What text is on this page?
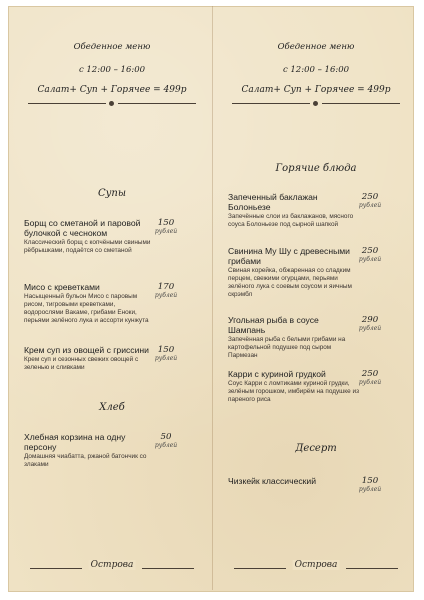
Обеденное меню
с 12:00 – 16:00
Салат+ Суп + Горячее = 499р
Супы
Борщ со сметаной и паровой булочкой с чесноком
Классический борщ с копчёными свиными рёбрышками, подаётся со сметаной
150
рублей
Мисо с креветками
Насыщенный бульон Мисо с паровым рисом, тигровыми креветками, водорослями Вакаме, грибами Еноки, перьями зелёного лука и ассорти кунжута
170
рублей
Крем суп из овощей с гриссини
Крем суп и сезонных свежих овощей с зеленью и сливками
150
рублей
Хлеб
Хлебная корзина на одну персону
Домашняя чиабатта, ржаной батончик со злаками
50
рублей
Острова
Обеденное меню
с 12:00 – 16:00
Салат+ Суп + Горячее = 499р
Горячие блюда
Запеченный баклажан Болоньезе
Запечённые слои из баклажанов, мясного соуса Болоньезе под сырной шапкой
250
рублей
Свинина Му Шу с древесными грибами
Свиная корейка, обжаренная со сладким перцем, свежими огурцами, перьями зелёного лука с соевым соусом и яичным скрэмбл
250
рублей
Угольная рыба в соусе Шампань
Запечённая рыба с белыми грибами на картофельной подушке под сыром Пармезан
290
рублей
Карри с куриной грудкой
Соус Карри с ломтиками куриной грудки, зелёным горошком, имбирём на подушке из пареного риса
250
рублей
Десерт
Чизкейк классический	150
рублей
Острова
